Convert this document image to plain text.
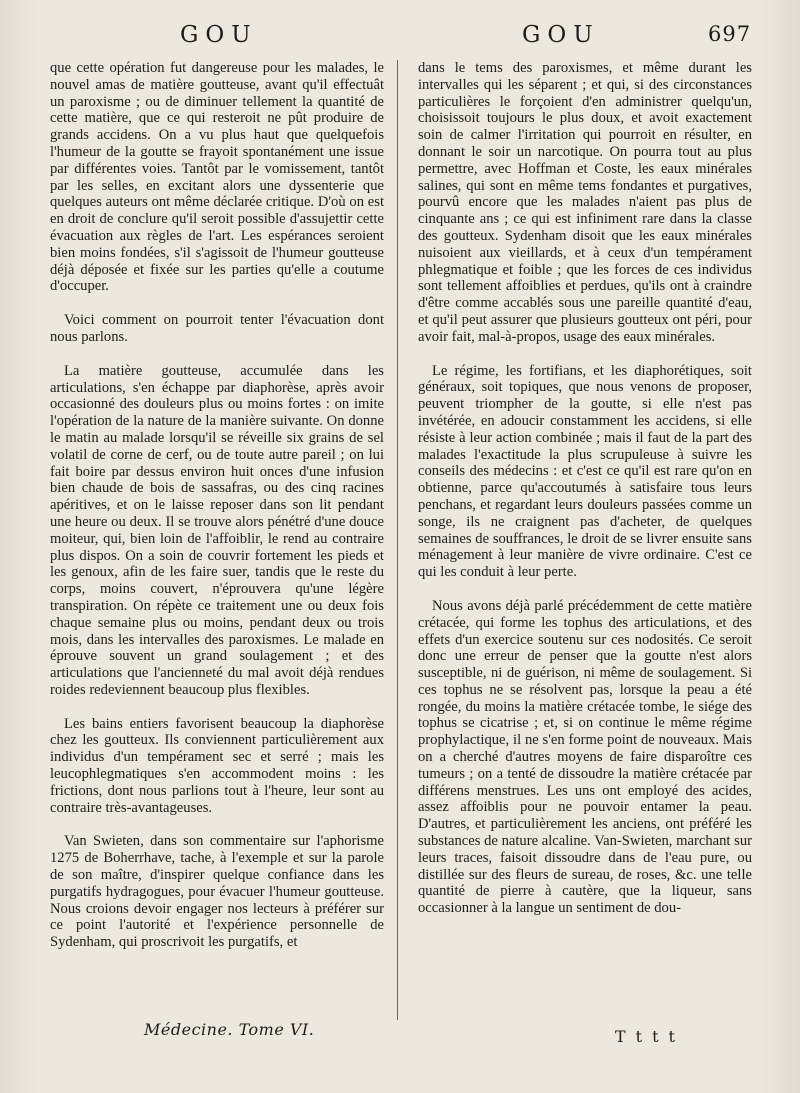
GOU	GOU	697

que cette opération fut dangereuse pour les malades, le nouvel amas de matière goutteuse, avant qu'il effectuât un paroxisme ; ou de diminuer tellement la quantité de cette matière, que ce qui resteroit ne pût produire de grands accidens. On a vu plus haut que quelquefois l'humeur de la goutte se frayoit spontanément une issue par différentes voies. Tantôt par le vomissement, tantôt par les selles, en excitant alors une dyssenterie que quelques auteurs ont même déclarée critique. D'où on est en droit de conclure qu'il seroit possible d'assujettir cette évacuation aux règles de l'art. Les espérances seroient bien moins fondées, s'il s'agissoit de l'humeur goutteuse déjà déposée et fixée sur les parties qu'elle a coutume d'occuper.

Voici comment on pourroit tenter l'évacuation dont nous parlons.

La matière goutteuse, accumulée dans les articulations, s'en échappe par diaphorèse, après avoir occasionné des douleurs plus ou moins fortes : on imite l'opération de la nature de la manière suivante. On donne le matin au malade lorsqu'il se réveille six grains de sel volatil de corne de cerf, ou de toute autre pareil ; on lui fait boire par dessus environ huit onces d'une infusion bien chaude de bois de sassafras, ou des cinq racines apéritives, et on le laisse reposer dans son lit pendant une heure ou deux. Il se trouve alors pénétré d'une douce moiteur, qui, bien loin de l'affoiblir, le rend au contraire plus dispos. On a soin de couvrir fortement les pieds et les genoux, afin de les faire suer, tandis que le reste du corps, moins couvert, n'éprouvera qu'une légère transpiration. On répète ce traitement une ou deux fois chaque semaine plus ou moins, pendant deux ou trois mois, dans les intervalles des paroxismes. Le malade en éprouve souvent un grand soulagement ; et des articulations que l'ancienneté du mal avoit déjà rendues roides redeviennent beaucoup plus flexibles.

Les bains entiers favorisent beaucoup la diaphorèse chez les goutteux. Ils conviennent particulièrement aux individus d'un tempérament sec et serré ; mais les leucophlegmatiques s'en accommodent moins : les frictions, dont nous parlions tout à l'heure, leur sont au contraire très-avantageuses.

Van Swieten, dans son commentaire sur l'aphorisme 1275 de Boherrhave, tache, à l'exemple et sur la parole de son maître, d'inspirer quelque confiance dans les purgatifs hydragogues, pour évacuer l'humeur goutteuse. Nous croions devoir engager nos lecteurs à préférer sur ce point l'autorité et l'expérience personnelle de Sydenham, qui proscrivoit les purgatifs, et

dans le tems des paroxismes, et même durant les intervalles qui les séparent ; et qui, si des circonstances particulières le forçoient d'en administrer quelqu'un, choisissoit toujours le plus doux, et avoit exactement soin de calmer l'irritation qui pourroit en résulter, en donnant le soir un narcotique. On pourra tout au plus permettre, avec Hoffman et Coste, les eaux minérales salines, qui sont en même tems fondantes et purgatives, pourvû encore que les malades n'aient pas plus de cinquante ans ; ce qui est infiniment rare dans la classe des goutteux. Sydenham disoit que les eaux minérales nuisoient aux vieillards, et à ceux d'un tempérament phlegmatique et foible ; que les forces de ces individus sont tellement affoiblies et perdues, qu'ils ont à craindre d'être comme accablés sous une pareille quantité d'eau, et qu'il peut assurer que plusieurs goutteux ont péri, pour avoir fait, mal-à-propos, usage des eaux minérales.

Le régime, les fortifians, et les diaphorétiques, soit généraux, soit topiques, que nous venons de proposer, peuvent triompher de la goutte, si elle n'est pas invétérée, en adoucir constamment les accidens, si elle résiste à leur action combinée ; mais il faut de la part des malades l'exactitude la plus scrupuleuse à suivre les conseils des médecins : et c'est ce qu'il est rare qu'on en obtienne, parce qu'accoutumés à satisfaire tous leurs penchans, et regardant leurs douleurs passées comme un songe, ils ne craignent pas d'acheter, de quelques semaines de souffrances, le droit de se livrer ensuite sans ménagement à leur manière de vivre ordinaire. C'est ce qui les conduit à leur perte.

Nous avons déjà parlé précédemment de cette matière crétacée, qui forme les tophus des articulations, et des effets d'un exercice soutenu sur ces nodosités. Ce seroit donc une erreur de penser que la goutte n'est alors susceptible, ni de guérison, ni même de soulagement. Si ces tophus ne se résolvent pas, lorsque la peau a été rongée, du moins la matière crétacée tombe, le siége des tophus se cicatrise ; et, si on continue le même régime prophylactique, il ne s'en forme point de nouveaux. Mais on a cherché d'autres moyens de faire disparoître ces tumeurs ; on a tenté de dissoudre la matière crétacée par différens menstrues. Les uns ont employé des acides, assez affoiblis pour ne pouvoir entamer la peau. D'autres, et particulièrement les anciens, ont préféré les substances de nature alcaline. Van-Swieten, marchant sur leurs traces, faisoit dissoudre dans de l'eau pure, ou distillée sur des fleurs de sureau, de roses, &c. une telle quantité de pierre à cautère, que la liqueur, sans occasionner à la langue un sentiment de dou-

Médecine. Tome VI.	Tttt
